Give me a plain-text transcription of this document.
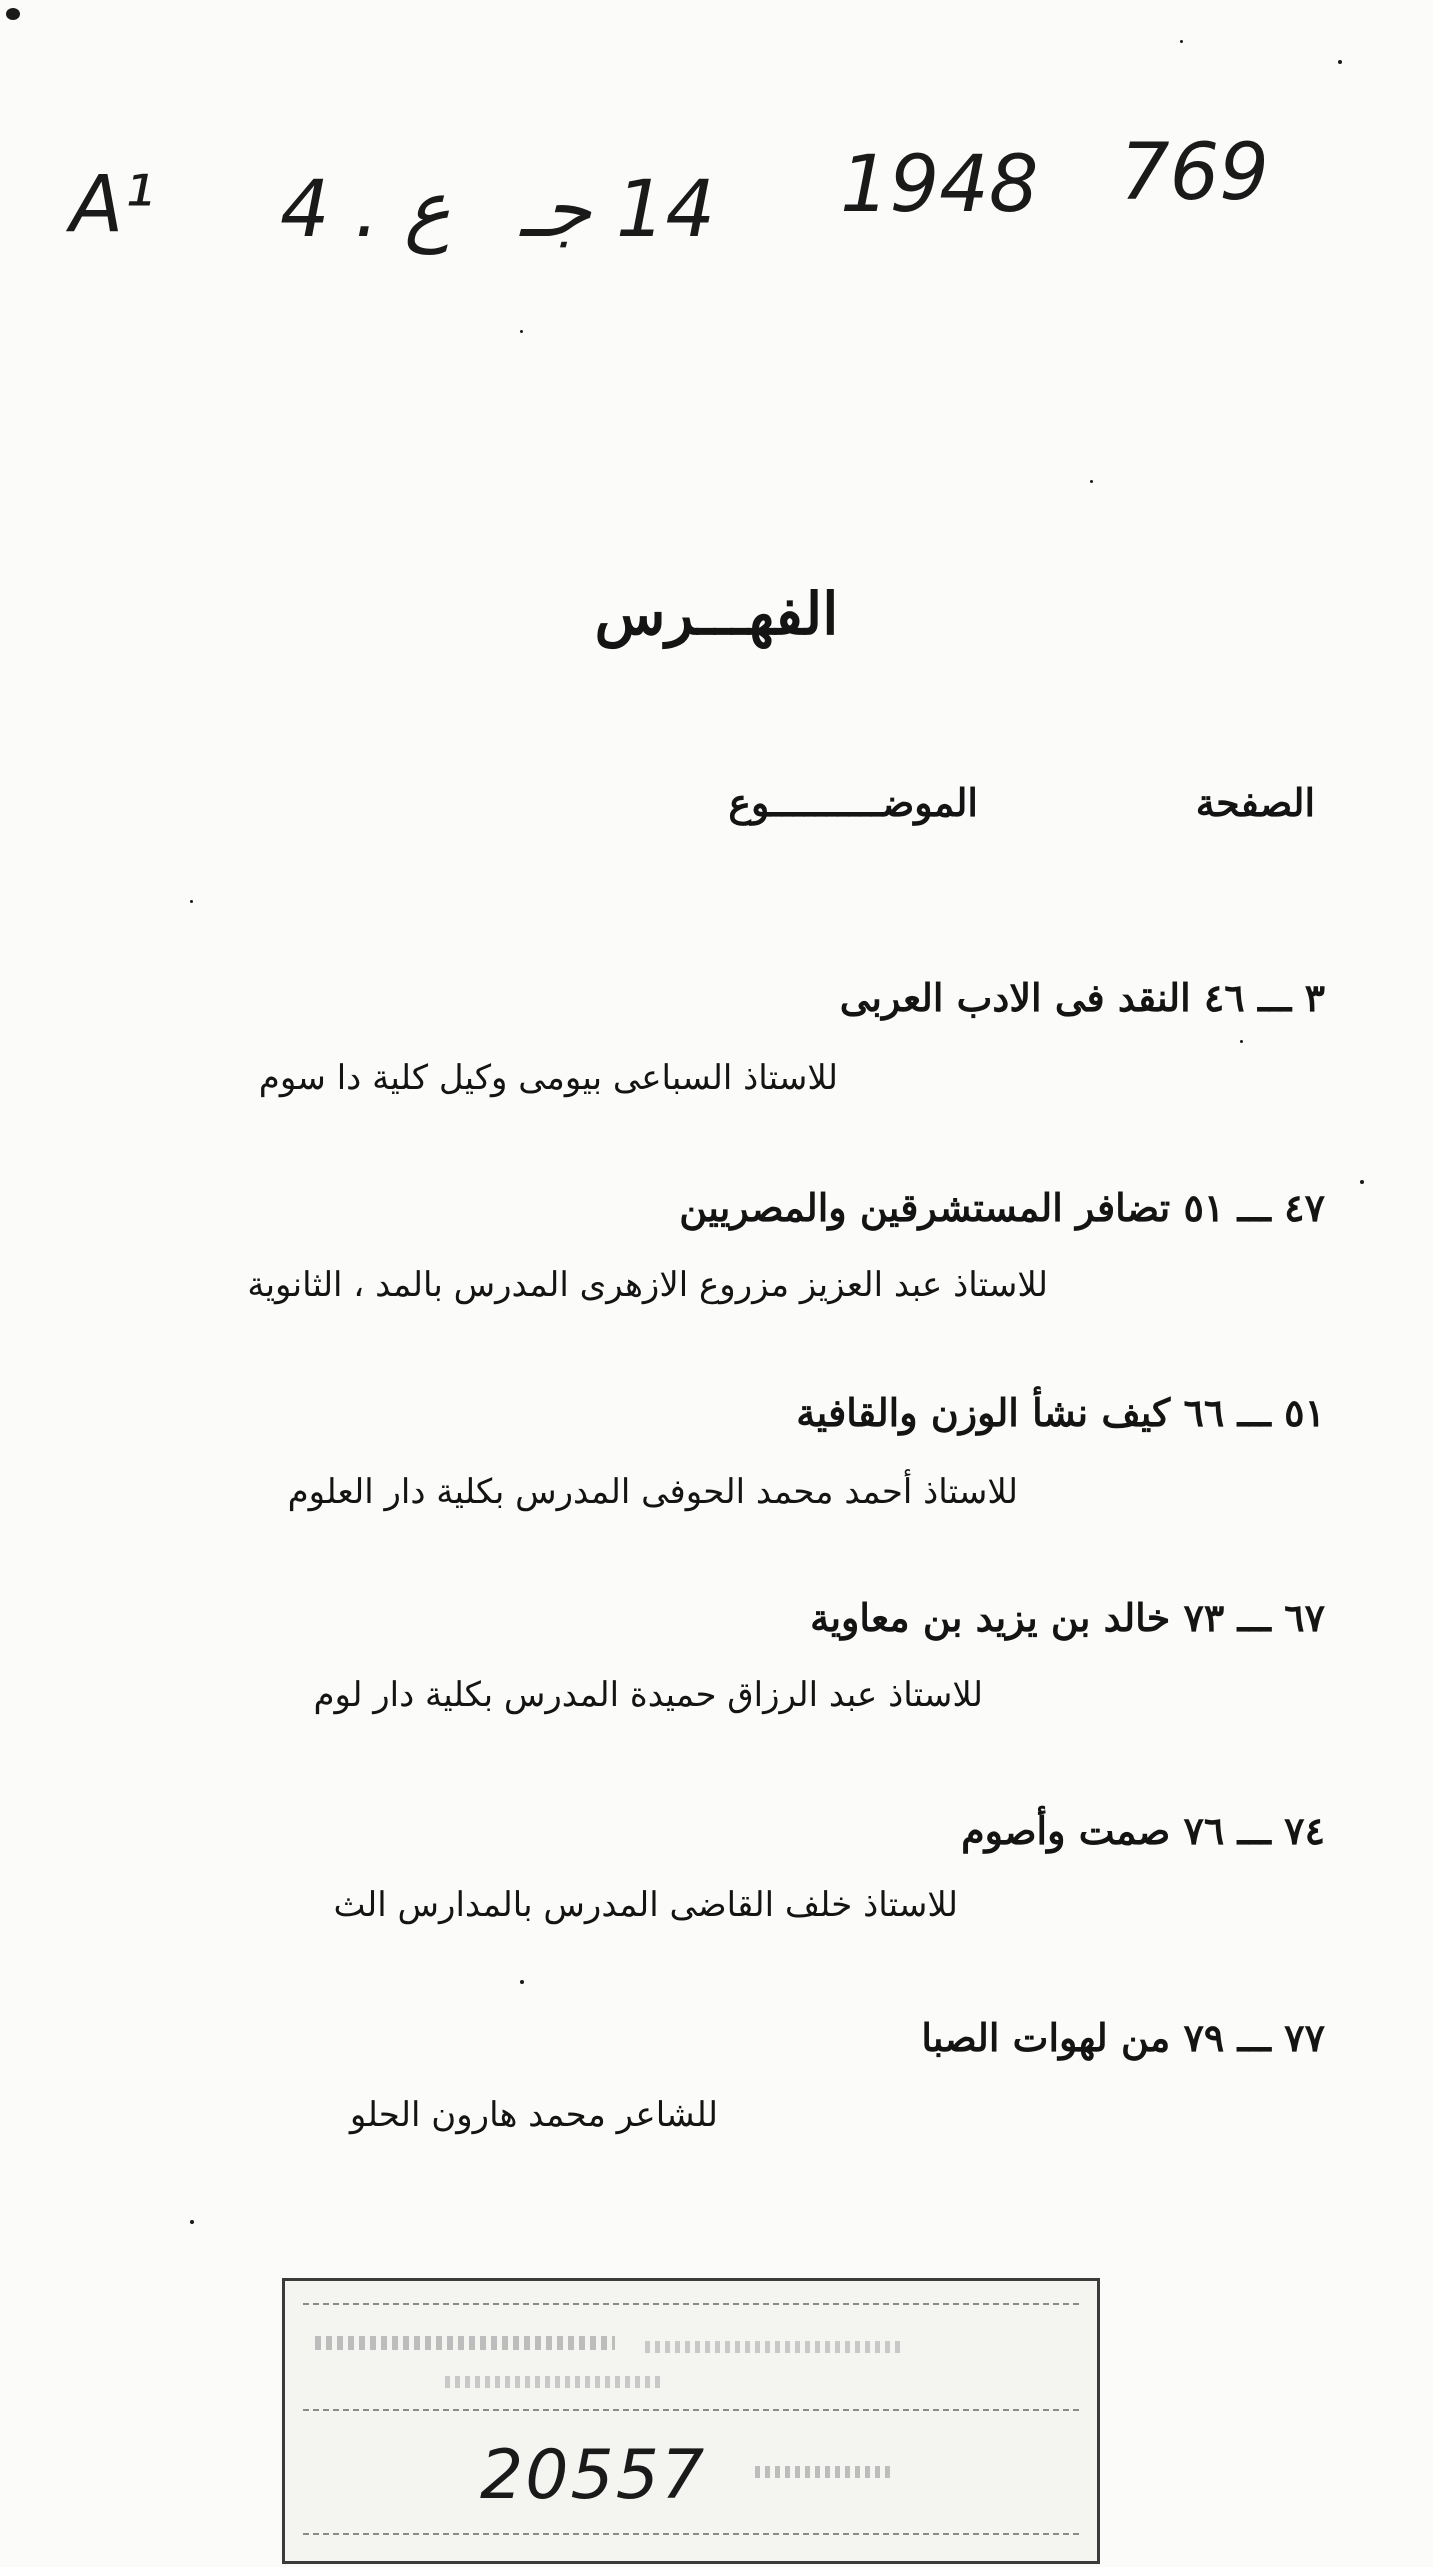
A¹ 4 . ع 14 جـ 1948 769
الفهـــرس
الصفحة
الموضــــــــــوع
٣ ـــ ٤٦ النقد فى الادب العربى
للاستاذ السباعى بيومى وكيل كلية دا سوم
٤٧ ـــ ٥١ تضافر المستشرقين والمصريين
للاستاذ عبد العزيز مزروع الازهرى المدرس بالمد ، الثانوية
٥١ ـــ ٦٦ كيف نشأ الوزن والقافية
للاستاذ أحمد محمد الحوفى المدرس بكلية دار العلوم
٦٧ ـــ ٧٣ خالد بن يزيد بن معاوية
للاستاذ عبد الرزاق حميدة المدرس بكلية دار لوم
٧٤ ـــ ٧٦ صمت وأصوم
للاستاذ خلف القاضى المدرس بالمدارس الث
٧٧ ـــ ٧٩ من لهوات الصبا
للشاعر محمد هارون الحلو
20557
